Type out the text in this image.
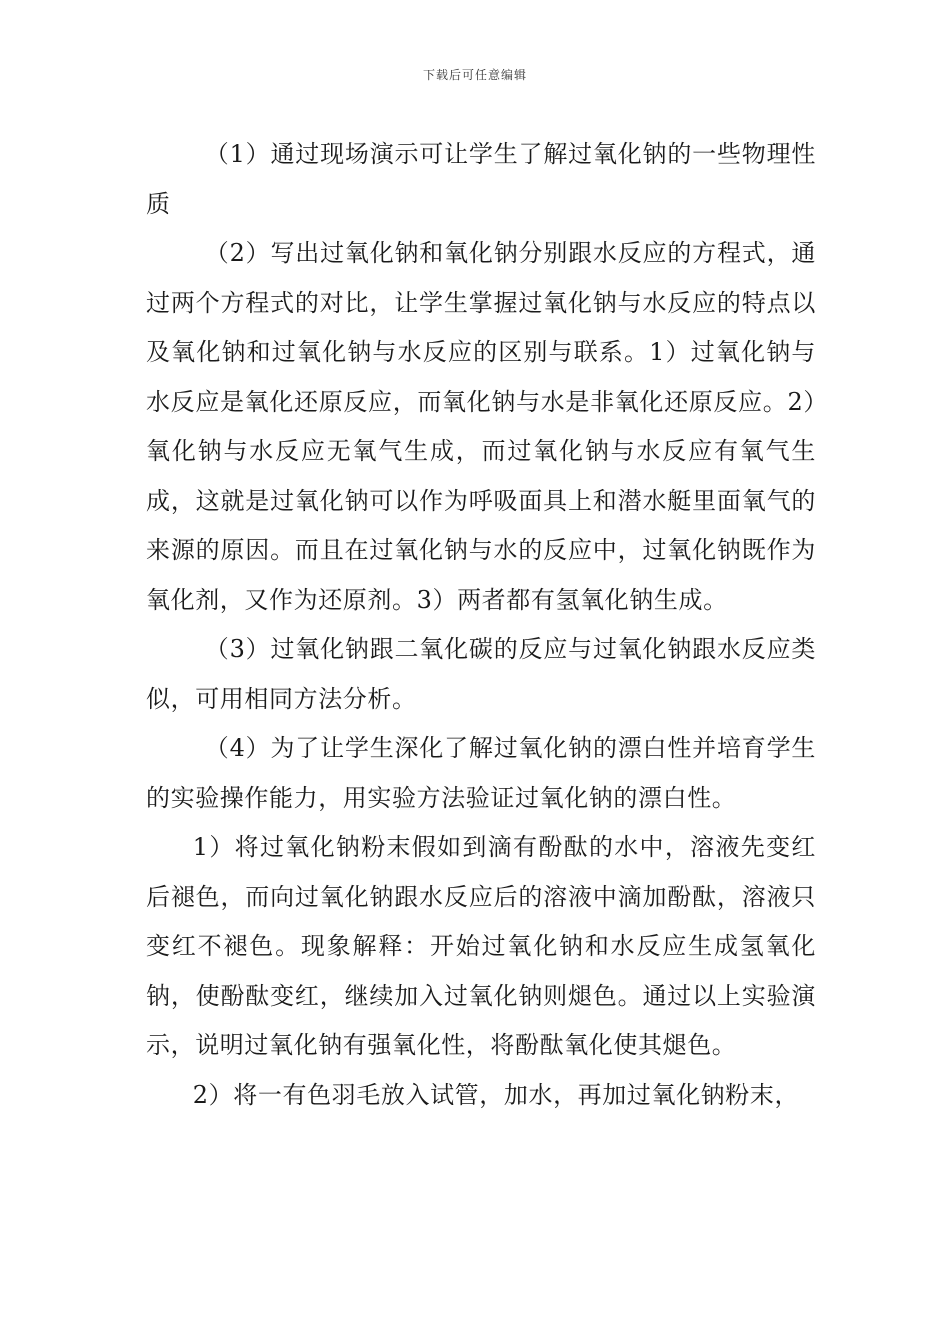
下载后可任意编辑

（1）通过现场演示可让学生了解过氧化钠的一些物理性质

（2）写出过氧化钠和氧化钠分别跟水反应的方程式，通过两个方程式的对比，让学生掌握过氧化钠与水反应的特点以及氧化钠和过氧化钠与水反应的区别与联系。1）过氧化钠与水反应是氧化还原反应，而氧化钠与水是非氧化还原反应。2）氧化钠与水反应无氧气生成，而过氧化钠与水反应有氧气生成，这就是过氧化钠可以作为呼吸面具上和潜水艇里面氧气的来源的原因。而且在过氧化钠与水的反应中，过氧化钠既作为氧化剂，又作为还原剂。3）两者都有氢氧化钠生成。

（3）过氧化钠跟二氧化碳的反应与过氧化钠跟水反应类似，可用相同方法分析。

（4）为了让学生深化了解过氧化钠的漂白性并培育学生的实验操作能力，用实验方法验证过氧化钠的漂白性。

1）将过氧化钠粉末假如到滴有酚酞的水中，溶液先变红后褪色，而向过氧化钠跟水反应后的溶液中滴加酚酞，溶液只变红不褪色。现象解释：开始过氧化钠和水反应生成氢氧化钠，使酚酞变红，继续加入过氧化钠则煺色。通过以上实验演示，说明过氧化钠有强氧化性，将酚酞氧化使其煺色。

2）将一有色羽毛放入试管，加水，再加过氧化钠粉末，
